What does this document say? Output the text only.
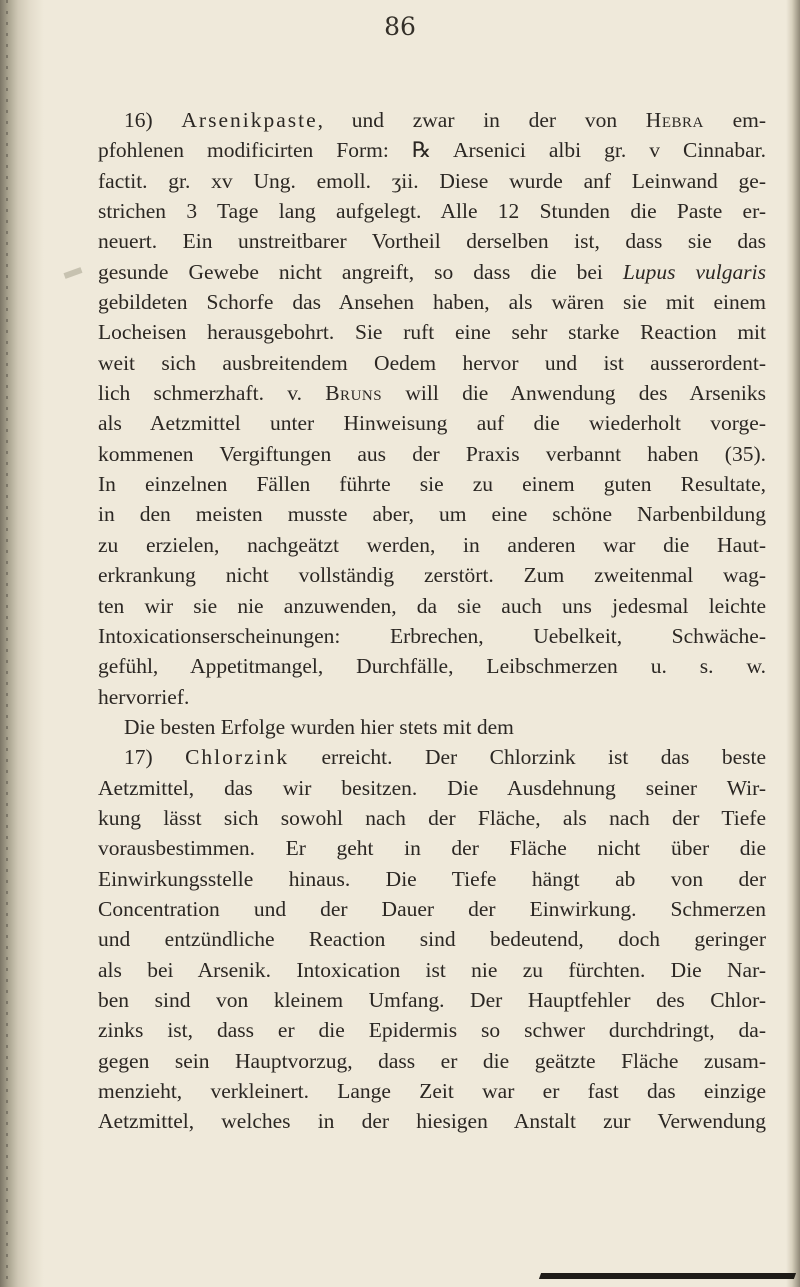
86
16) Arsenikpaste, und zwar in der von Hebra em-
pfohlenen modificirten Form: ℞ Arsenici albi gr. v Cinnabar.
factit. gr. xv Ung. emoll. ʒii. Diese wurde anf Leinwand ge-
strichen 3 Tage lang aufgelegt. Alle 12 Stunden die Paste er-
neuert. Ein unstreitbarer Vortheil derselben ist, dass sie das
gesunde Gewebe nicht angreift, so dass die bei Lupus vulgaris
gebildeten Schorfe das Ansehen haben, als wären sie mit einem
Locheisen herausgebohrt. Sie ruft eine sehr starke Reaction mit
weit sich ausbreitendem Oedem hervor und ist ausserordent-
lich schmerzhaft. v. Bruns will die Anwendung des Arseniks
als Aetzmittel unter Hinweisung auf die wiederholt vorge-
kommenen Vergiftungen aus der Praxis verbannt haben (35).
In einzelnen Fällen führte sie zu einem guten Resultate,
in den meisten musste aber, um eine schöne Narbenbildung
zu erzielen, nachgeätzt werden, in anderen war die Haut-
erkrankung nicht vollständig zerstört. Zum zweitenmal wag-
ten wir sie nie anzuwenden, da sie auch uns jedesmal leichte
Intoxicationserscheinungen: Erbrechen, Uebelkeit, Schwäche-
gefühl, Appetitmangel, Durchfälle, Leibschmerzen u. s. w.
hervorrief.
Die besten Erfolge wurden hier stets mit dem
17) Chlorzink erreicht. Der Chlorzink ist das beste
Aetzmittel, das wir besitzen. Die Ausdehnung seiner Wir-
kung lässt sich sowohl nach der Fläche, als nach der Tiefe
vorausbestimmen. Er geht in der Fläche nicht über die
Einwirkungsstelle hinaus. Die Tiefe hängt ab von der
Concentration und der Dauer der Einwirkung. Schmerzen
und entzündliche Reaction sind bedeutend, doch geringer
als bei Arsenik. Intoxication ist nie zu fürchten. Die Nar-
ben sind von kleinem Umfang. Der Hauptfehler des Chlor-
zinks ist, dass er die Epidermis so schwer durchdringt, da-
gegen sein Hauptvorzug, dass er die geätzte Fläche zusam-
menzieht, verkleinert. Lange Zeit war er fast das einzige
Aetzmittel, welches in der hiesigen Anstalt zur Verwendung
